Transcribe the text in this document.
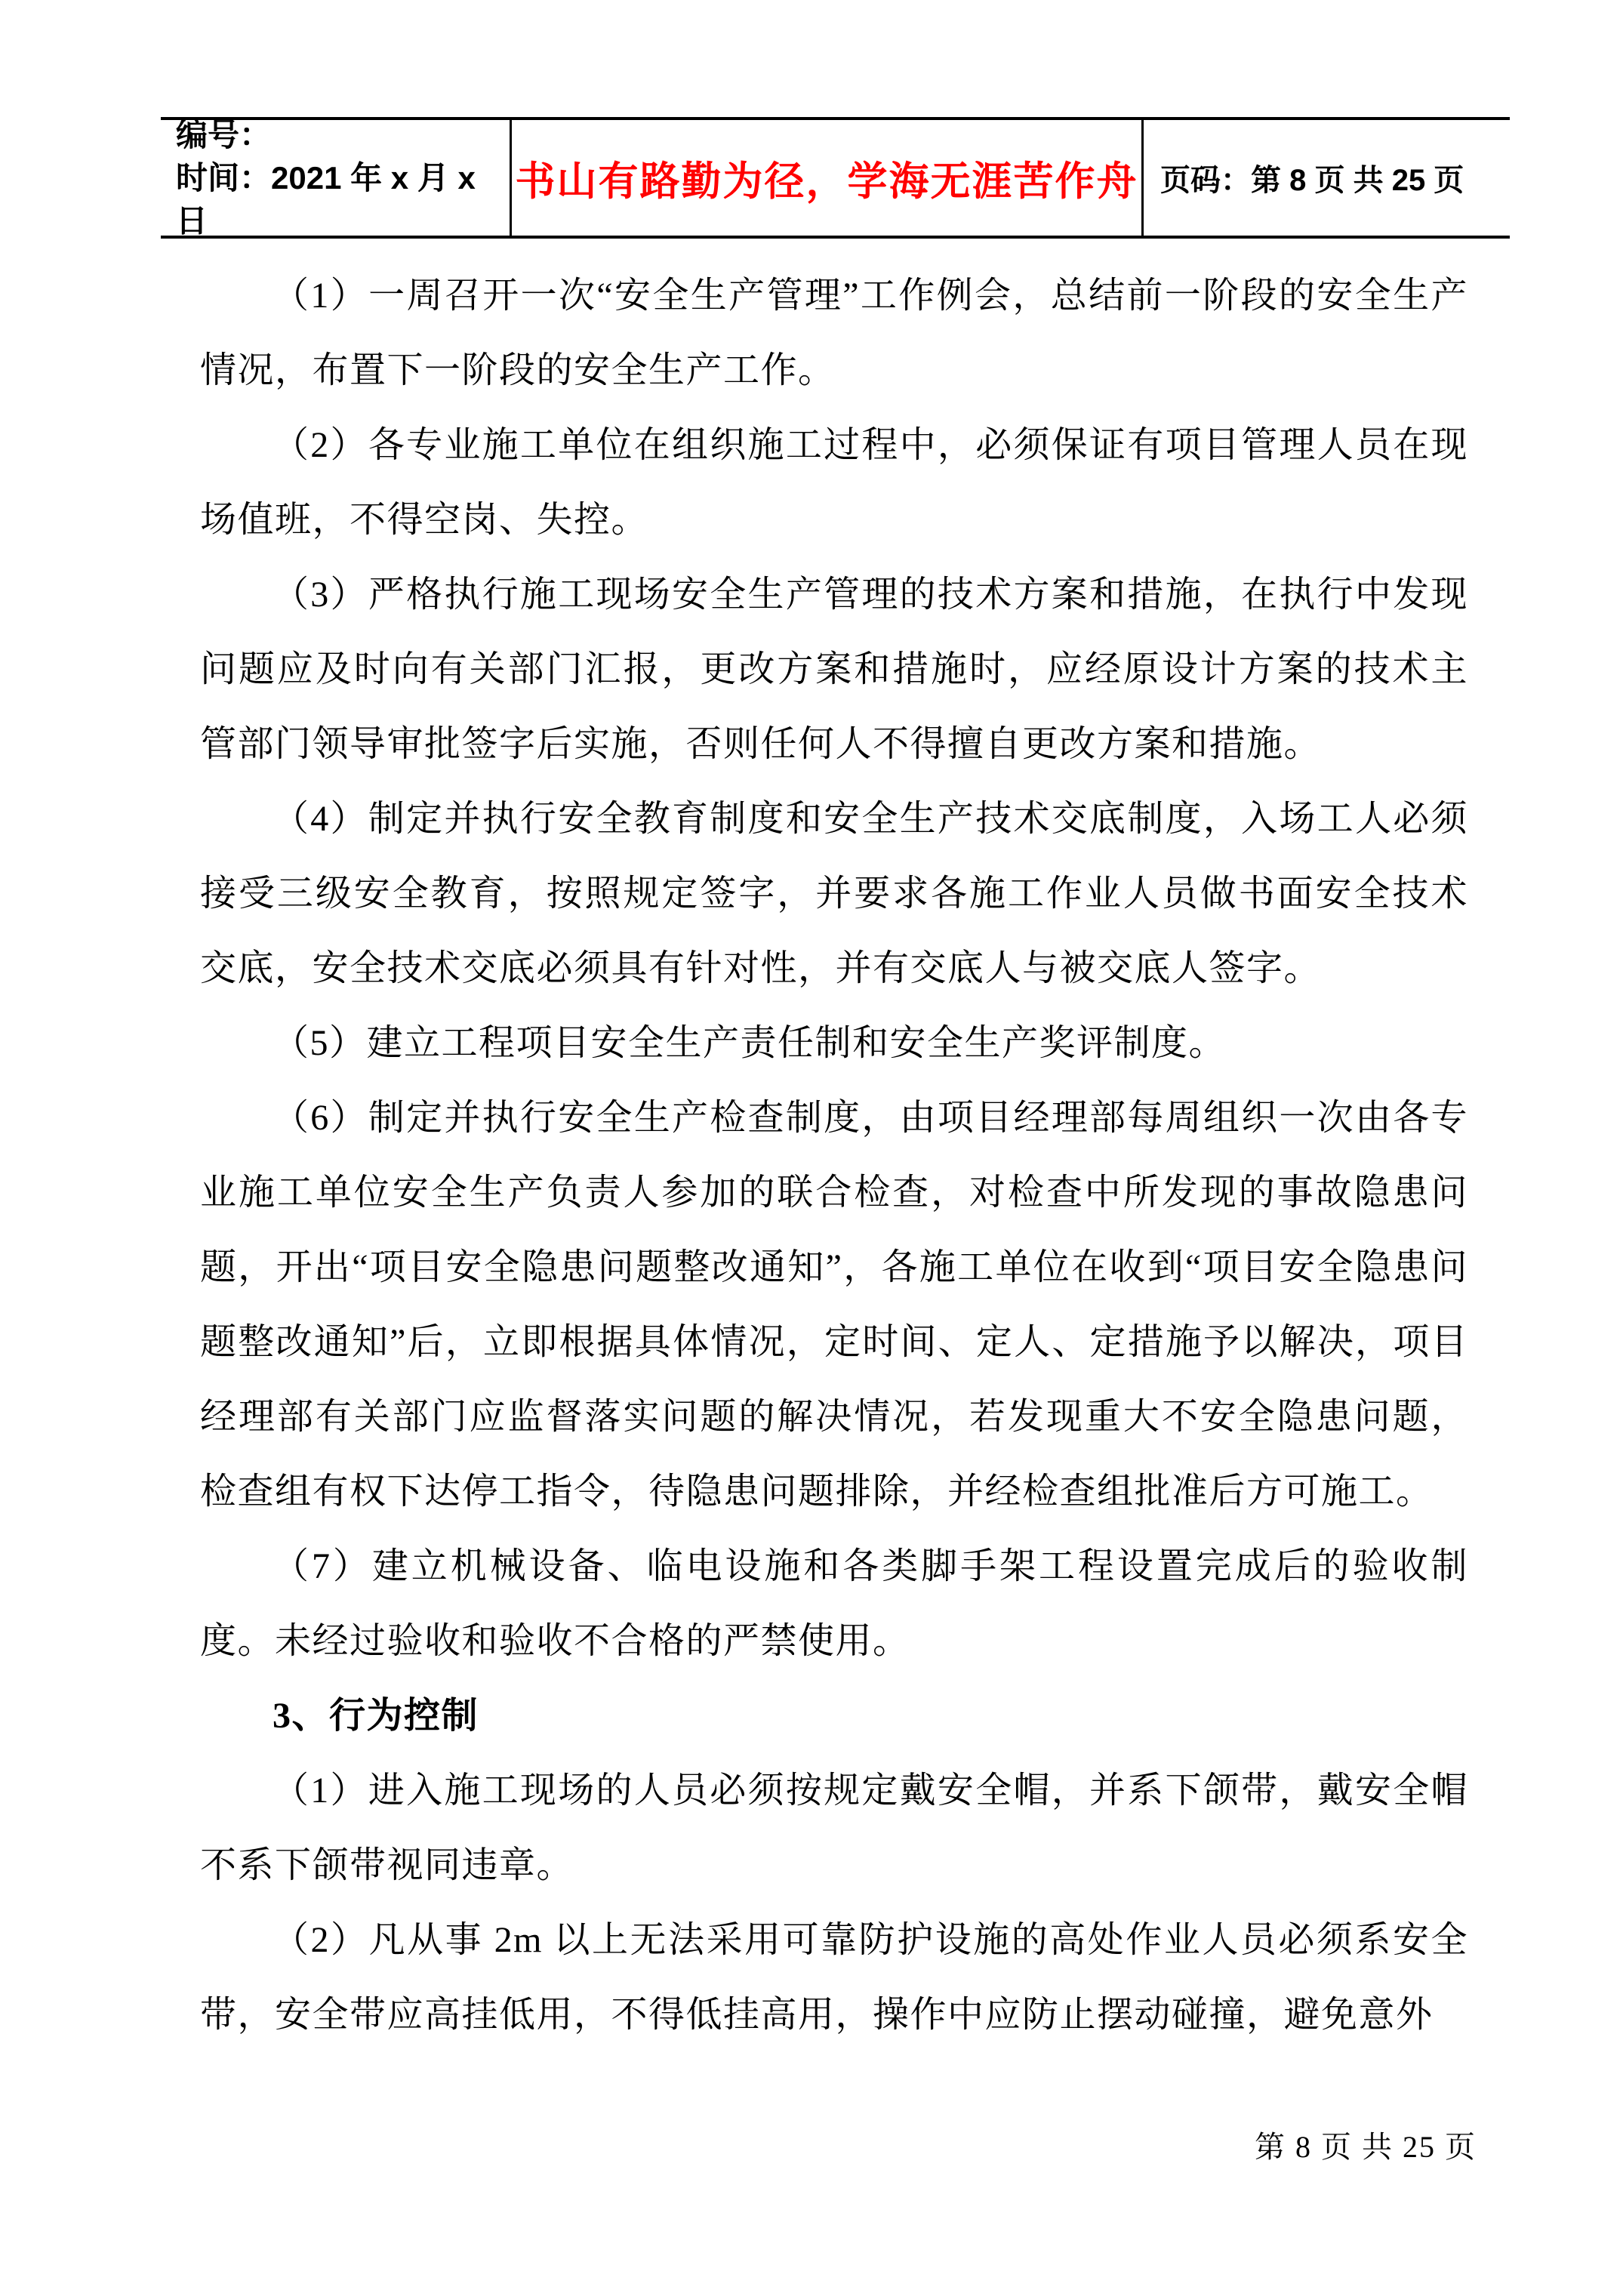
编号：
时间：2021 年 x 月 x 日
书山有路勤为径，学海无涯苦作舟 页码：第 8 页 共 25 页

（1）一周召开一次“安全生产管理”工作例会，总结前一阶段的安全生产情况，布置下一阶段的安全生产工作。

（2）各专业施工单位在组织施工过程中，必须保证有项目管理人员在现场值班，不得空岗、失控。

（3）严格执行施工现场安全生产管理的技术方案和措施，在执行中发现问题应及时向有关部门汇报，更改方案和措施时，应经原设计方案的技术主管部门领导审批签字后实施，否则任何人不得擅自更改方案和措施。

（4）制定并执行安全教育制度和安全生产技术交底制度，入场工人必须接受三级安全教育，按照规定签字，并要求各施工作业人员做书面安全技术交底，安全技术交底必须具有针对性，并有交底人与被交底人签字。

（5）建立工程项目安全生产责任制和安全生产奖评制度。

（6）制定并执行安全生产检查制度，由项目经理部每周组织一次由各专业施工单位安全生产负责人参加的联合检查，对检查中所发现的事故隐患问题，开出“项目安全隐患问题整改通知”，各施工单位在收到“项目安全隐患问题整改通知”后，立即根据具体情况，定时间、定人、定措施予以解决，项目经理部有关部门应监督落实问题的解决情况，若发现重大不安全隐患问题，检查组有权下达停工指令，待隐患问题排除，并经检查组批准后方可施工。

（7）建立机械设备、临电设施和各类脚手架工程设置完成后的验收制度。未经过验收和验收不合格的严禁使用。

3、行为控制

（1）进入施工现场的人员必须按规定戴安全帽，并系下颌带，戴安全帽不系下颌带视同违章。

（2）凡从事 2m 以上无法采用可靠防护设施的高处作业人员必须系安全带，安全带应高挂低用，不得低挂高用，操作中应防止摆动碰撞，避免意外

第 8 页 共 25 页
